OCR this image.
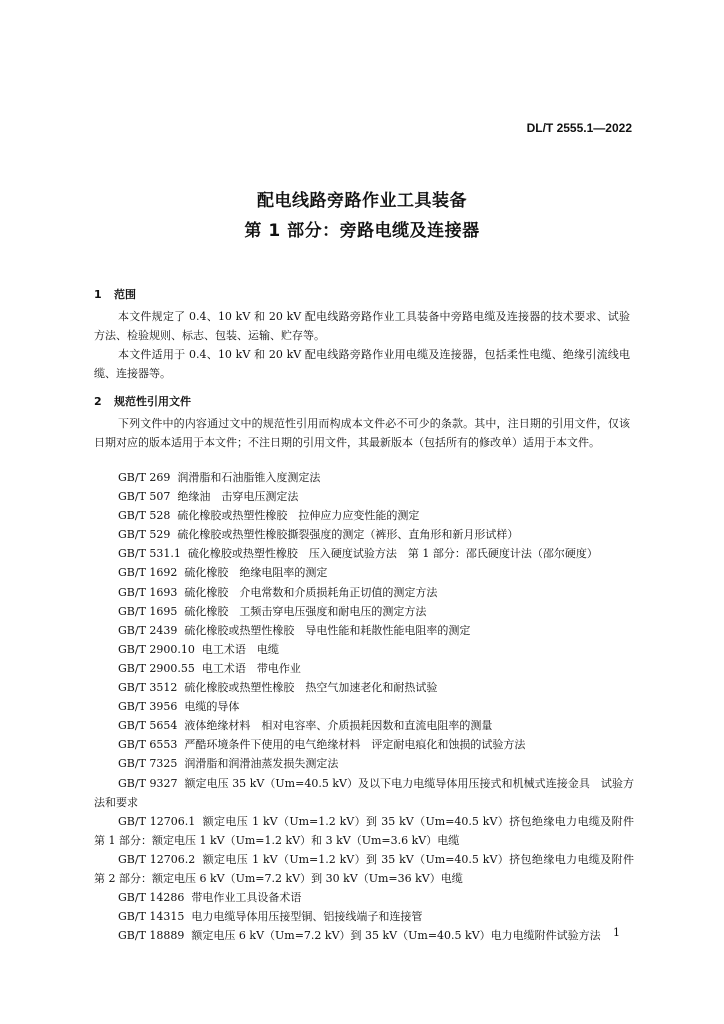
DL/T 2555.1—2022
配电线路旁路作业工具装备
第 1 部分：旁路电缆及连接器
1 范围
本文件规定了 0.4、10 kV 和 20 kV 配电线路旁路作业工具装备中旁路电缆及连接器的技术要求、试验方法、检验规则、标志、包装、运输、贮存等。
本文件适用于 0.4、10 kV 和 20 kV 配电线路旁路作业用电缆及连接器，包括柔性电缆、绝缘引流线电缆、连接器等。
2 规范性引用文件
下列文件中的内容通过文中的规范性引用而构成本文件必不可少的条款。其中，注日期的引用文件，仅该日期对应的版本适用于本文件；不注日期的引用文件，其最新版本（包括所有的修改单）适用于本文件。
GB/T 269 润滑脂和石油脂锥入度测定法
GB/T 507 绝缘油　击穿电压测定法
GB/T 528 硫化橡胶或热塑性橡胶　拉伸应力应变性能的测定
GB/T 529 硫化橡胶或热塑性橡胶撕裂强度的测定（裤形、直角形和新月形试样）
GB/T 531.1 硫化橡胶或热塑性橡胶　压入硬度试验方法　第 1 部分：邵氏硬度计法（邵尔硬度）
GB/T 1692 硫化橡胶　绝缘电阻率的测定
GB/T 1693 硫化橡胶　介电常数和介质损耗角正切值的测定方法
GB/T 1695 硫化橡胶　工频击穿电压强度和耐电压的测定方法
GB/T 2439 硫化橡胶或热塑性橡胶　导电性能和耗散性能电阻率的测定
GB/T 2900.10 电工术语　电缆
GB/T 2900.55 电工术语　带电作业
GB/T 3512 硫化橡胶或热塑性橡胶　热空气加速老化和耐热试验
GB/T 3956 电缆的导体
GB/T 5654 液体绝缘材料　相对电容率、介质损耗因数和直流电阻率的测量
GB/T 6553 严酷环境条件下使用的电气绝缘材料　评定耐电痕化和蚀损的试验方法
GB/T 7325 润滑脂和润滑油蒸发损失测定法
GB/T 9327 额定电压 35 kV（Um=40.5 kV）及以下电力电缆导体用压接式和机械式连接金具　试验方法和要求
GB/T 12706.1 额定电压 1 kV（Um=1.2 kV）到 35 kV（Um=40.5 kV）挤包绝缘电力电缆及附件　第 1 部分：额定电压 1 kV（Um=1.2 kV）和 3 kV（Um=3.6 kV）电缆
GB/T 12706.2 额定电压 1 kV（Um=1.2 kV）到 35 kV（Um=40.5 kV）挤包绝缘电力电缆及附件　第 2 部分：额定电压 6 kV（Um=7.2 kV）到 30 kV（Um=36 kV）电缆
GB/T 14286 带电作业工具设备术语
GB/T 14315 电力电缆导体用压接型铜、铝接线端子和连接管
GB/T 18889 额定电压 6 kV（Um=7.2 kV）到 35 kV（Um=40.5 kV）电力电缆附件试验方法	1
